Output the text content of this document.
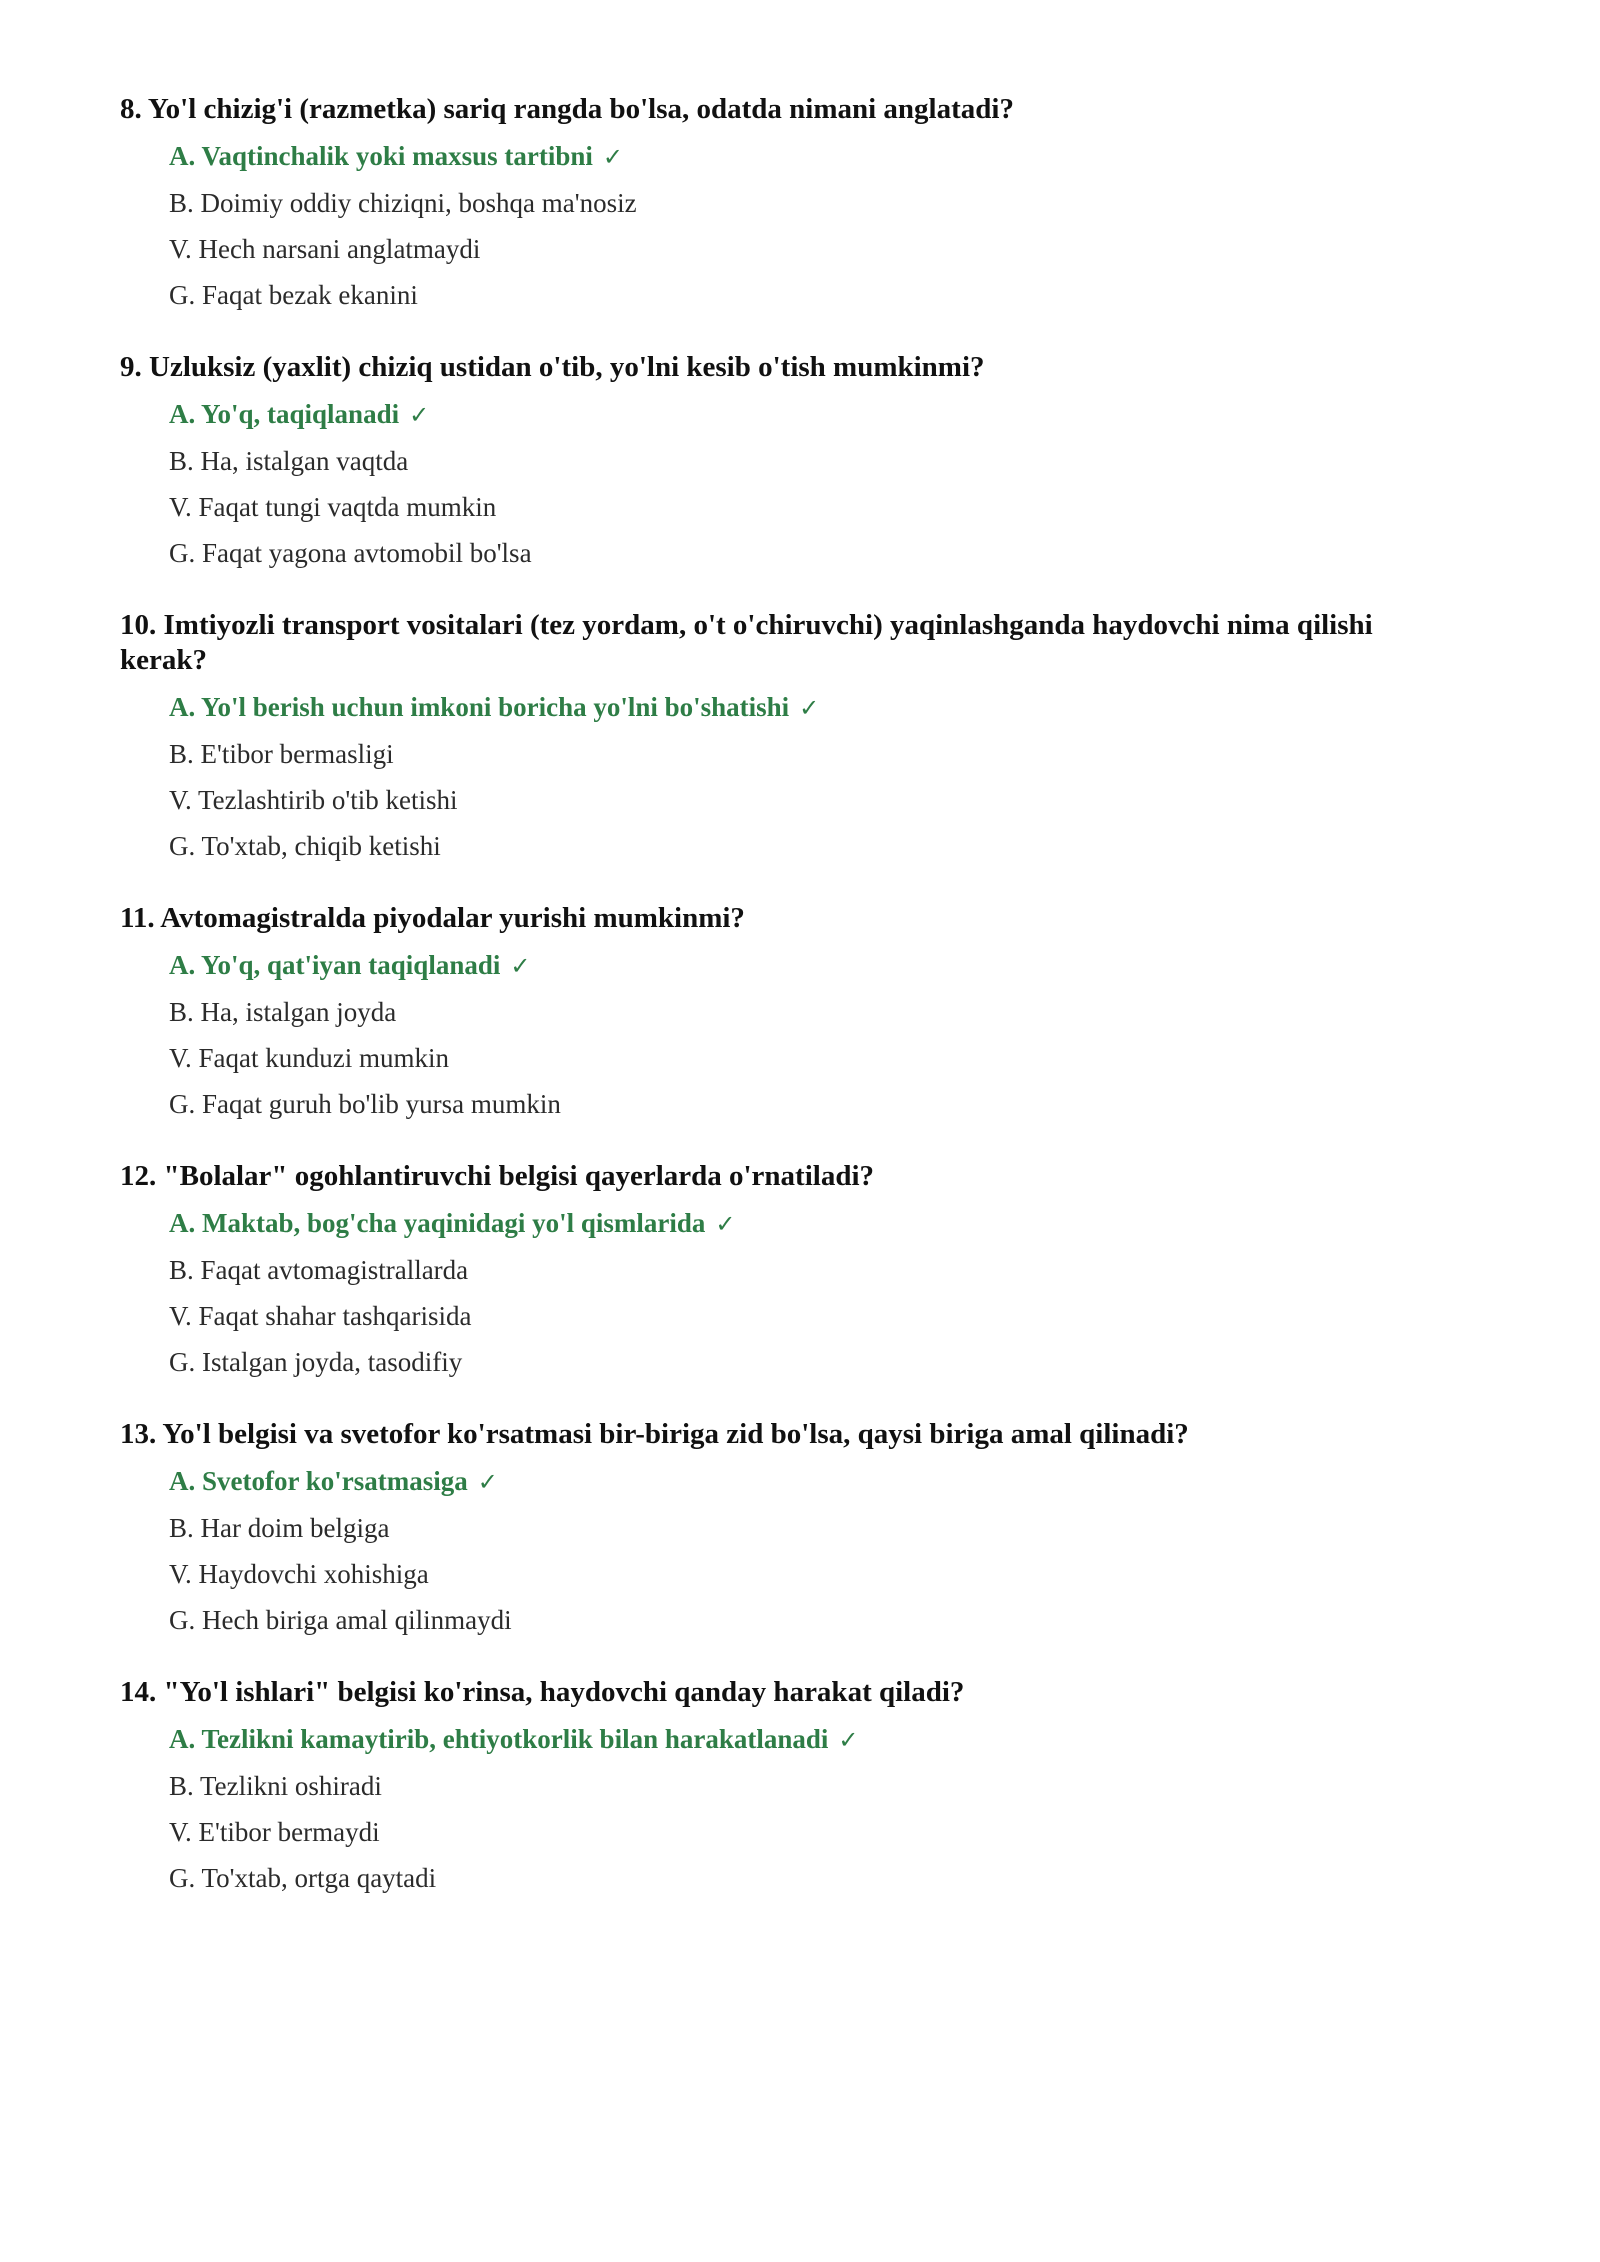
8. Yo'l chizig'i (razmetka) sariq rangda bo'lsa, odatda nimani anglatadi?
A. Vaqtinchalik yoki maxsus tartibni ✓
B. Doimiy oddiy chiziqni, boshqa ma'nosiz
V. Hech narsani anglatmaydi
G. Faqat bezak ekanini
9. Uzluksiz (yaxlit) chiziq ustidan o'tib, yo'lni kesib o'tish mumkinmi?
A. Yo'q, taqiqlanadi ✓
B. Ha, istalgan vaqtda
V. Faqat tungi vaqtda mumkin
G. Faqat yagona avtomobil bo'lsa
10. Imtiyozli transport vositalari (tez yordam, o't o'chiruvchi) yaqinlashganda haydovchi nima qilishi kerak?
A. Yo'l berish uchun imkoni boricha yo'lni bo'shatishi ✓
B. E'tibor bermasligi
V. Tezlashtirib o'tib ketishi
G. To'xtab, chiqib ketishi
11. Avtomagistralda piyodalar yurishi mumkinmi?
A. Yo'q, qat'iyan taqiqlanadi ✓
B. Ha, istalgan joyda
V. Faqat kunduzi mumkin
G. Faqat guruh bo'lib yursa mumkin
12. "Bolalar" ogohlantiruvchi belgisi qayerlarda o'rnatiladi?
A. Maktab, bog'cha yaqinidagi yo'l qismlarida ✓
B. Faqat avtomagistrallarda
V. Faqat shahar tashqarisida
G. Istalgan joyda, tasodifiy
13. Yo'l belgisi va svetofor ko'rsatmasi bir-biriga zid bo'lsa, qaysi biriga amal qilinadi?
A. Svetofor ko'rsatmasiga ✓
B. Har doim belgiga
V. Haydovchi xohishiga
G. Hech biriga amal qilinmaydi
14. "Yo'l ishlari" belgisi ko'rinsa, haydovchi qanday harakat qiladi?
A. Tezlikni kamaytirib, ehtiyotkorlik bilan harakatlanadi ✓
B. Tezlikni oshiradi
V. E'tibor bermaydi
G. To'xtab, ortga qaytadi
